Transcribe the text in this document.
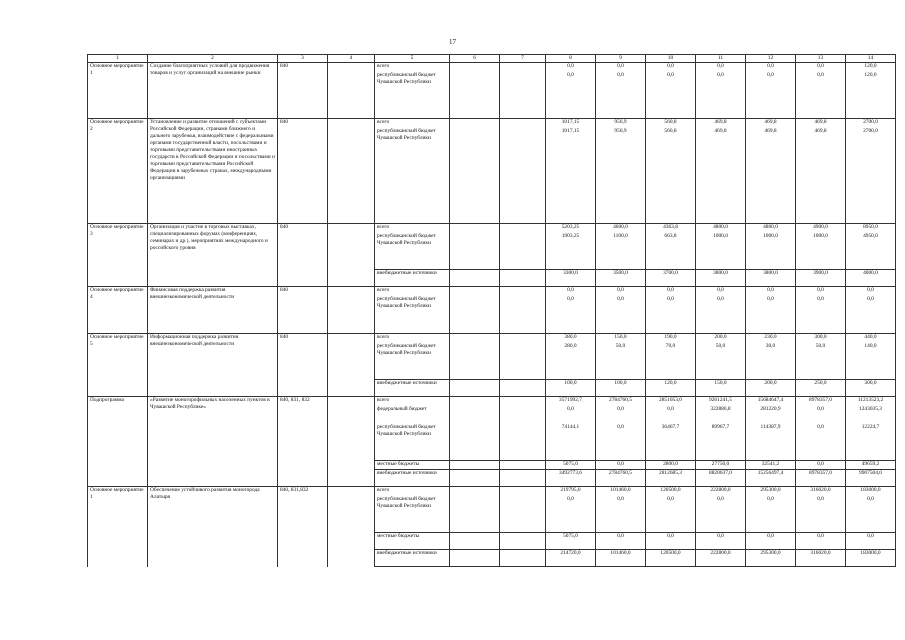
17
1	2	3	4	5	6	7	8	9	10	11	12	13	14
Основное мероприятие 1	Создание благоприятных условий для продвижения товаров и услуг организаций на внешние рынки	840		всего			0,0	0,0	0,0	0,0	0,0	0,0	120,0
				республиканский бюджет Чувашской Республики			0,0	0,0	0,0	0,0	0,0	0,0	120,0
Основное мероприятие 2	Установление и развитие отношений с субъектами Российской Федерации, странами ближнего и дальнего зарубежья, взаимодействие с федеральными органами государственной власти, посольствами и торговыми представительствами иностранных государств в Российской Федерации и посольствами и торговыми представительствами Российской Федерации в зарубежных странах, международными организациями	840		всего			1017,15	956,9	560,8	469,8	469,8	469,8	2700,0
				республиканский бюджет Чувашской Республики			1017,15	956,9	560,8	469,8	469,8	469,8	2700,0
Основное мероприятие 3	Организация и участие в торговых выставках, специализированных форумах (конференциях, семинарах и др.), мероприятиях международного и российского уровня	840		всего			5203,25	4600,0	4363,8	4800,0	4800,0	4900,0	8950,0
				республиканский бюджет Чувашской Республики			1903,25	1100,0	663,8	1000,0	1000,0	1000,0	4950,0
				внебюджетные источники			3300,0	3500,0	3700,0	3800,0	3800,0	3900,0	4000,0
Основное мероприятие 4	Финансовая поддержка развития внешнеэкономической деятельности	840		всего			0,0	0,0	0,0	0,0	0,0	0,0	0,0
				республиканский бюджет Чувашской Республики			0,0	0,0	0,0	0,0	0,0	0,0	0,0
Основное мероприятие 5	Информационная поддержка развития внешнеэкономической деятельности	840		всего			380,0	150,0	190,0	200,0	230,0	300,0	440,0
				республиканский бюджет Чувашской Республики			280,0	50,0	70,0	50,0	30,0	50,0	140,0
				внебюджетные источники			100,0	100,0	120,0	150,0	200,0	250,0	300,0
Подпрограмма	«Развитие моногорофильных населенных пунктов в Чувашской Республике»	840, 831, 832		всего			3571992,7	2784760,5	2851053,0	9261241,5	15684647,4	8978357,0	11213523,2
				федеральный бюджет			0,0	0,0	0,0	322886,8	281220,9	0,0	1243035,3
				республиканский бюджет Чувашской Республики			74144,1	0,0	36467,7	89967,7	114387,9	0,0	12224,7
				местные бюджеты			5075,0	0,0	2800,0	27750,0	32541,2	0,0	49659,2
				внебюджетные источники			3492773,6	2784760,5	2812685,3	8820637,0	15256497,4	8978357,0	9907504,0
Основное мероприятие 1	Обеспечение устойчивого развития моногорода Алатыря	840, 831,832		всего			219795,0	101460,0	120500,0	222800,0	295300,0	316020,0	183000,0
				республиканский бюджет Чувашской Республики			0,0	0,0	0,0	0,0	0,0	0,0	0,0
				местные бюджеты			5075,0	0,0	0,0	0,0	0,0	0,0	0,0
				внебюджетные источники			214720,0	101460,0	120500,0	222800,0	295300,0	316020,0	183000,0
